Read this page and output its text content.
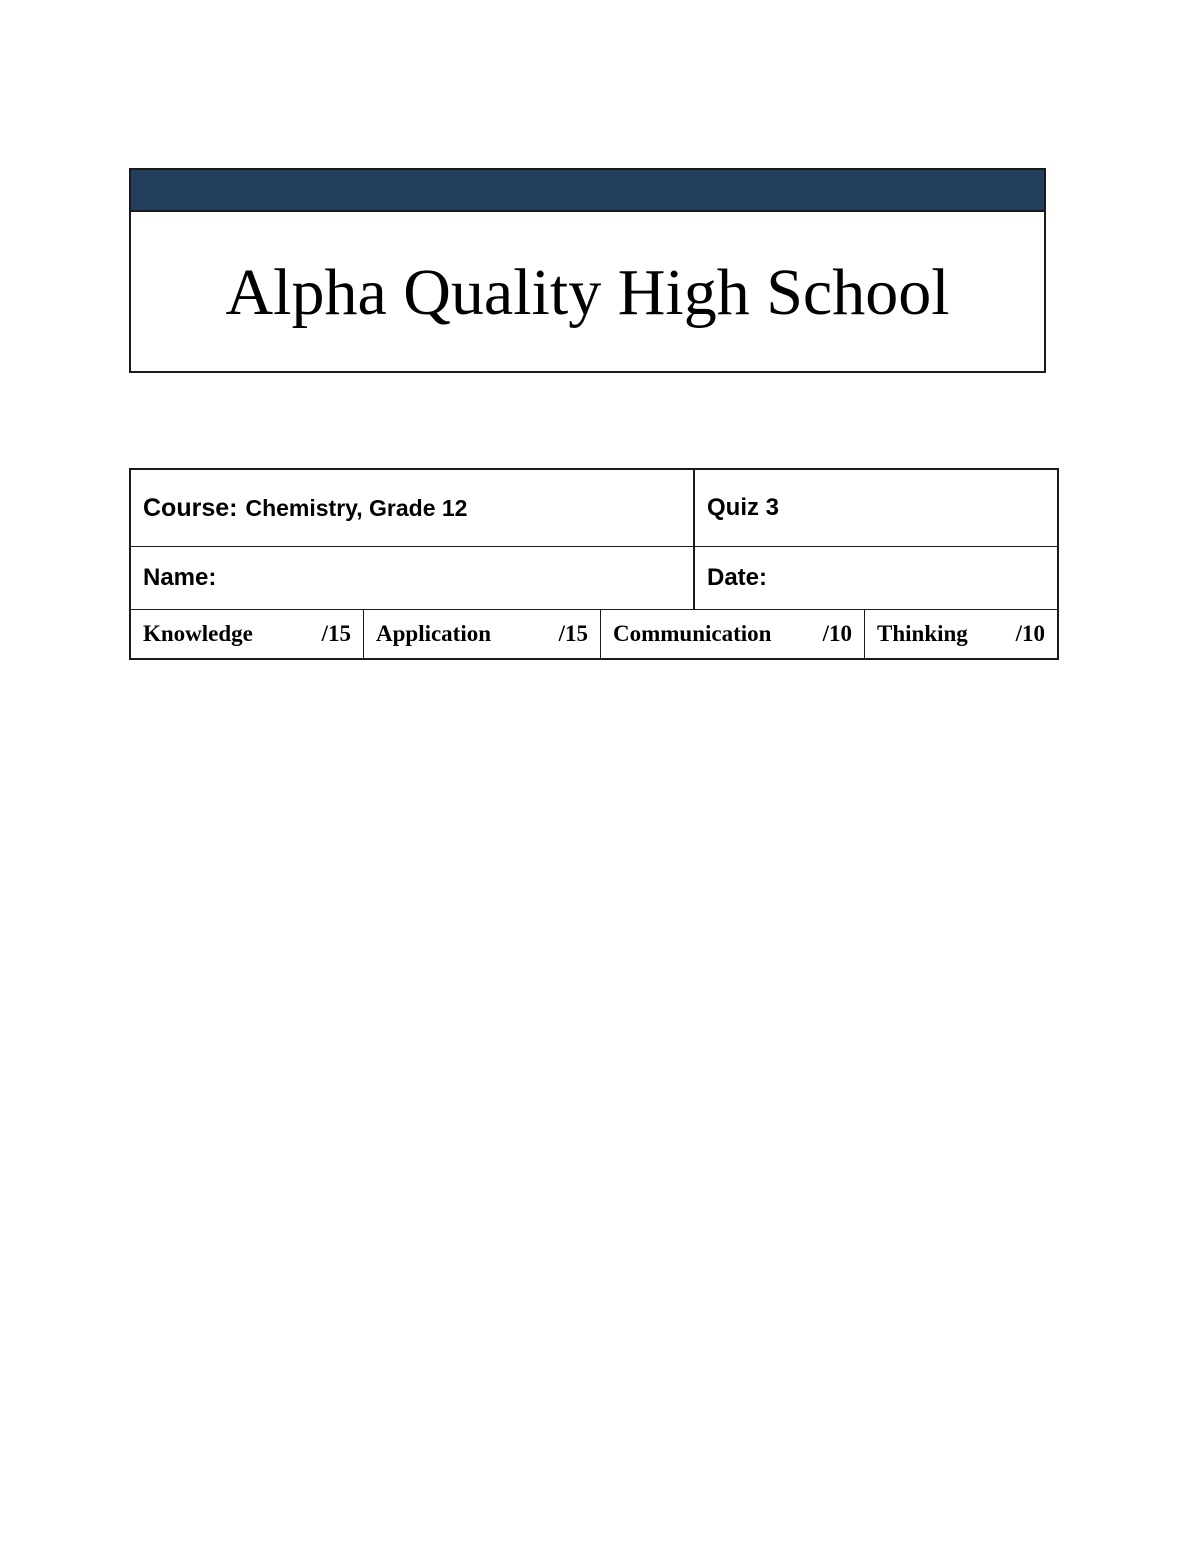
Alpha Quality High School
Course: Chemistry, Grade 12	Quiz 3
Name:	Date:
Knowledge	/15 Application	/15 Communication /10 Thinking /10
